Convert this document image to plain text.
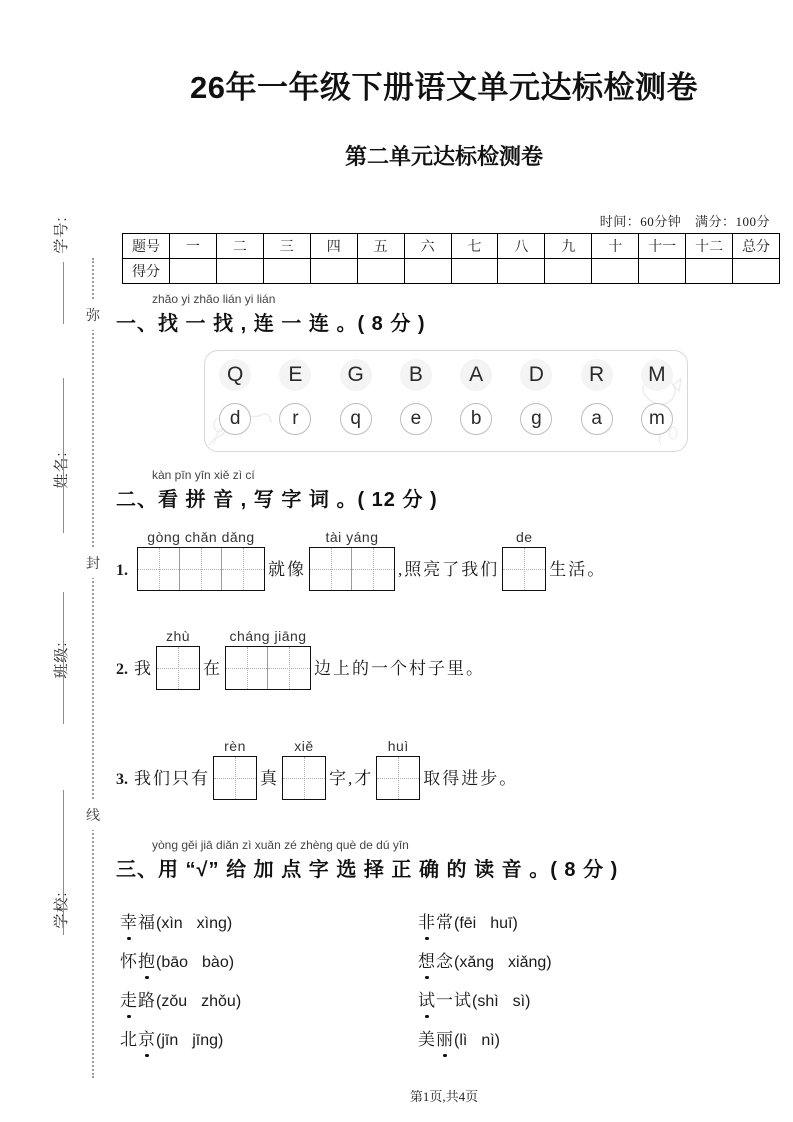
学号:
姓名:
班级:
学校:
弥
封
线
26年一年级下册语文单元达标检测卷
第二单元达标检测卷
时间：60分钟 满分：100分
题号	一	二	三	四	五	六	七	八	九	十	十一	十二	总分
得分													
zhǎo yi zhǎo lián yi lián
一、找 一 找 , 连 一 连 。( 8 分 )
Q	E	G	B	A	D	R	M
d	r	q	e	b	g	a	m
kàn pīn yīn xiě zì cí
二、看 拼 音 , 写 字 词 。( 12 分 )
1.
gòng chǎn dǎng
就像
tài yáng
,照亮了我们
de
生活。
2. 我
zhù
在
cháng jiāng
边上的一个村子里。
3. 我们只有
rèn
真
xiě
字,才
huì
取得进步。
yòng gěi jiā diǎn zì xuǎn zé zhèng què de dú yīn
三、用 “√” 给 加 点 字 选 择 正 确 的 读 音 。( 8 分 )
幸福(xìn xìng)
怀抱(bāo bào)
走路(zǒu zhǒu)
北京(jīn jīng)
非常(fēi huī)
想念(xǎng xiǎng)
试一试(shì sì)
美丽(lì nì)
第1页,共4页
